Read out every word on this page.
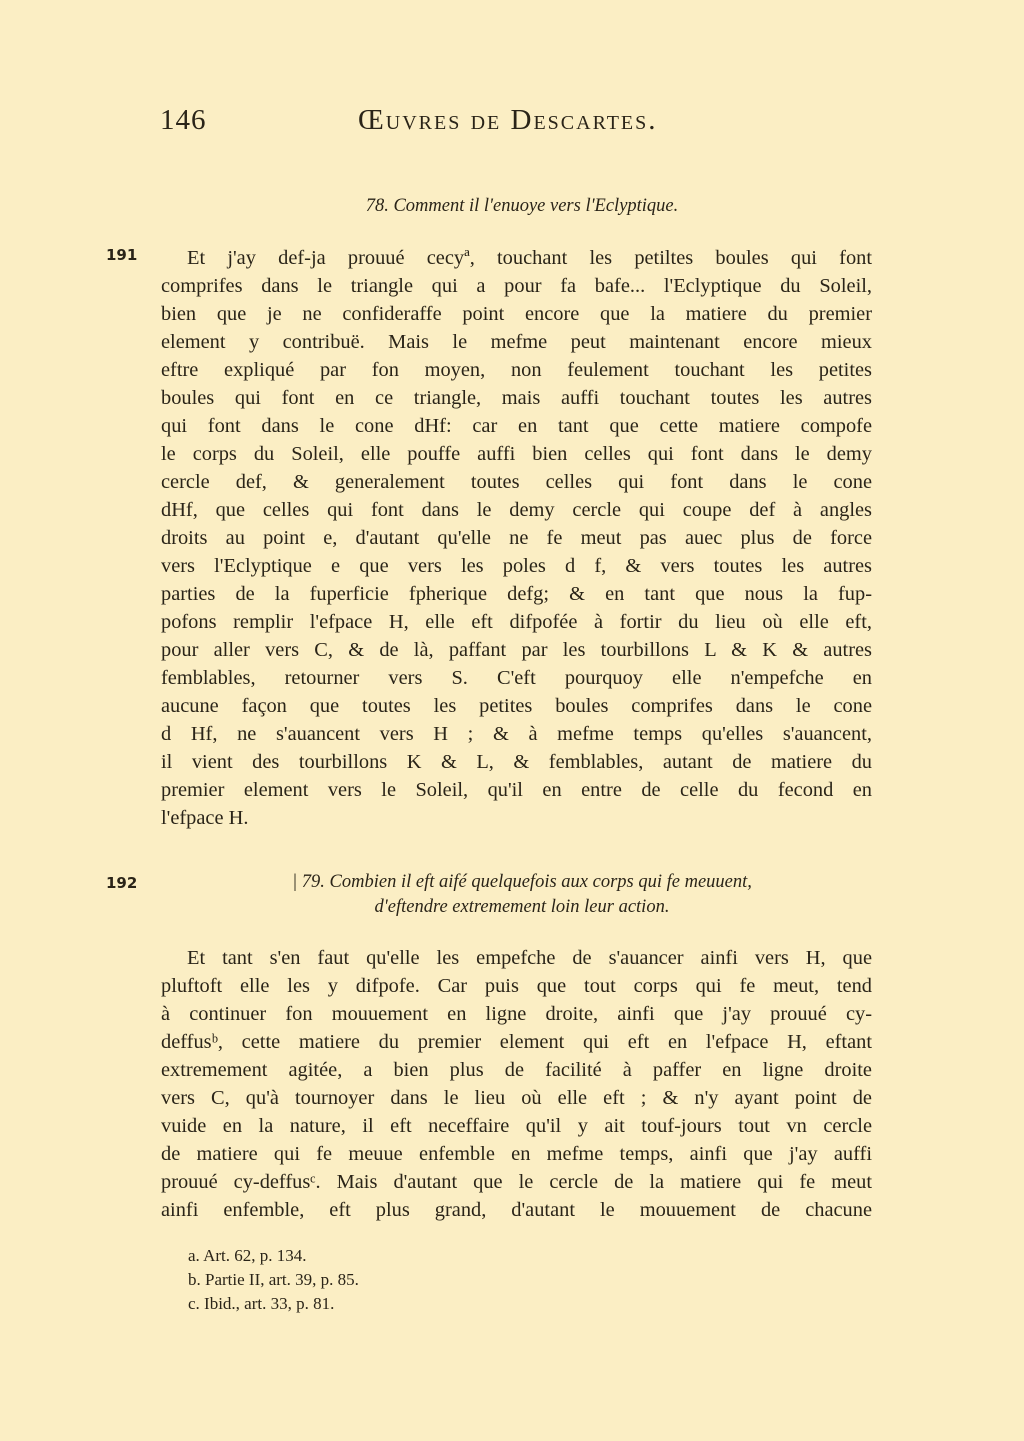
146	Œuvres de Descartes.
78. Comment il l'enuoye vers l'Eclyptique.
191	Et j'ay def-ja prouué cecyª, touchant les petiltes boules qui font
comprifes dans le triangle qui a pour fa bafe... l'Eclyptique du Soleil,
bien que je ne confideraffe point encore que la matiere du premier
element y contribuë. Mais le mefme peut maintenant encore mieux
eftre expliqué par fon moyen, non feulement touchant les petites
boules qui font en ce triangle, mais auffi touchant toutes les autres
qui font dans le cone dHf: car en tant que cette matiere compofe
le corps du Soleil, elle pouffe auffi bien celles qui font dans le demy
cercle def, & generalement toutes celles qui font dans le cone
dHf, que celles qui font dans le demy cercle qui coupe def à angles
droits au point e, d'autant qu'elle ne fe meut pas auec plus de force
vers l'Eclyptique e que vers les poles d f, & vers toutes les autres
parties de la fuperficie fpherique defg; & en tant que nous la fup-
pofons remplir l'efpace H, elle eft difpofée à fortir du lieu où elle eft,
pour aller vers C, & de là, paffant par les tourbillons L & K & autres
femblables, retourner vers S. C'eft pourquoy elle n'empefche en
aucune façon que toutes les petites boules comprifes dans le cone
d Hf, ne s'auancent vers H ; & à mefme temps qu'elles s'auancent,
il vient des tourbillons K & L, & femblables, autant de matiere du
premier element vers le Soleil, qu'il en entre de celle du fecond en
l'efpace H.
192	| 79. Combien il eft aifé quelquefois aux corps qui fe meuuent,
d'eftendre extremement loin leur action.
Et tant s'en faut qu'elle les empefche de s'auancer ainfi vers H, que
pluftoft elle les y difpofe. Car puis que tout corps qui fe meut, tend
à continuer fon mouuement en ligne droite, ainfi que j'ay prouué cy-
deffusᵇ, cette matiere du premier element qui eft en l'efpace H, eftant
extremement agitée, a bien plus de facilité à paffer en ligne droite
vers C, qu'à tournoyer dans le lieu où elle eft ; & n'y ayant point de
vuide en la nature, il eft neceffaire qu'il y ait touf-jours tout vn cercle
de matiere qui fe meuue enfemble en mefme temps, ainfi que j'ay auffi
prouué cy-deffusᶜ. Mais d'autant que le cercle de la matiere qui fe meut
ainfi enfemble, eft plus grand, d'autant le mouuement de chacune
a. Art. 62, p. 134.
b. Partie II, art. 39, p. 85.
c. Ibid., art. 33, p. 81.
